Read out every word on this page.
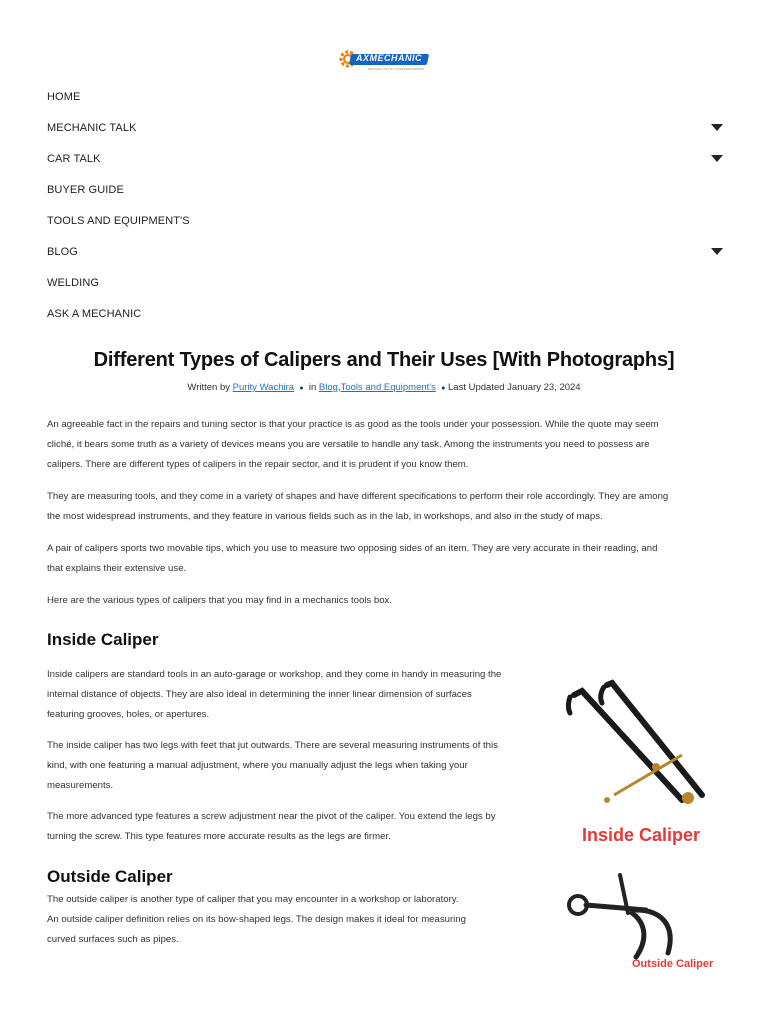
AXMECHANIC
GETTING YOU TO YOUR DESTINATION
HOME
MECHANIC TALK
CAR TALK
BUYER GUIDE
TOOLS AND EQUIPMENT'S
BLOG
WELDING
ASK A MECHANIC
Different Types of Calipers and Their Uses [With Photographs]
Written by Purity Wachira ● in Blog,Tools and Equipment's ● Last Updated January 23, 2024
An agreeable fact in the repairs and tuning sector is that your practice is as good as the tools under your possession. While the quote may seem
cliché, it bears some truth as a variety of devices means you are versatile to handle any task. Among the instruments you need to possess are
calipers. There are different types of calipers in the repair sector, and it is prudent if you know them.
They are measuring tools, and they come in a variety of shapes and have different specifications to perform their role accordingly. They are among
the most widespread instruments, and they feature in various fields such as in the lab, in workshops, and also in the study of maps.
A pair of calipers sports two movable tips, which you use to measure two opposing sides of an item. They are very accurate in their reading, and
that explains their extensive use.
Here are the various types of calipers that you may find in a mechanics tools box.
Inside Caliper
Inside calipers are standard tools in an auto-garage or workshop, and they come in handy in measuring the
internal distance of objects. They are also ideal in determining the inner linear dimension of surfaces
featuring grooves, holes, or apertures.
The inside caliper has two legs with feet that jut outwards. There are several measuring instruments of this
kind, with one featuring a manual adjustment, where you manually adjust the legs when taking your
measurements.
The more advanced type features a screw adjustment near the pivot of the caliper. You extend the legs by
turning the screw. This type features more accurate results as the legs are firmer.	Inside Caliper
Outside Caliper
The outside caliper is another type of caliper that you may encounter in a workshop or laboratory.
An outside caliper definition relies on its bow-shaped legs. The design makes it ideal for measuring
curved surfaces such as pipes.
Outside Caliper
